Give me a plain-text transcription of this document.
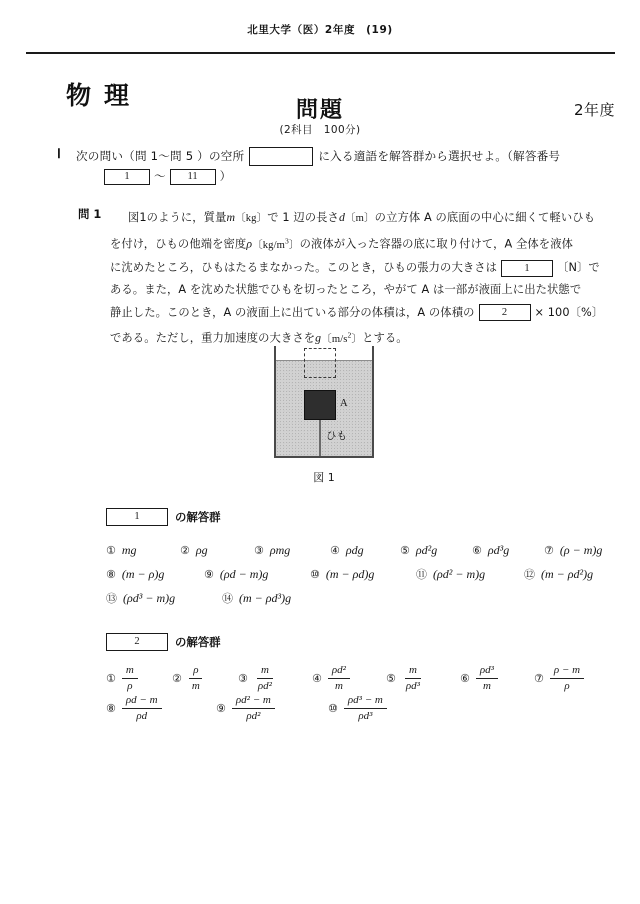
北里大学（医）2年度　(19)
物理
問題
(2科目　100分)
2年度
Ⅰ 次の問い（問 1～問 5 ）の空所	に入る適語を解答群から選択せよ。（解答番号
1 ～ 11 ）
問 1	図1のように，質量m〔kg〕で 1 辺の長さd〔m〕の立方体 A の底面の中心に細くて軽いひも

を付け，ひもの他端を密度ρ〔$kg/m^3$〕の液体が入った容器の底に取り付けて，A 全体を液体

に沈めたところ，ひもはたるまなかった。このとき，ひもの張力の大きさは	1 〔N〕で

ある。また，A を沈めた状態でひもを切ったところ，やがて A は一部が液面上に出た状態で

静止した。このとき，A の液面上に出ている部分の体積は，A の体積の	2 × 100〔%〕

である。ただし，重力加速度の大きさをg〔$m/s^2$〕とする。

A
ひも
図 1
1	の解答群
① mg	② ρg	③ ρmg	④ ρdg	⑤ ρd²g	⑥ ρd³g	⑦ (ρ − m)g
⑧ (m − ρ)g	⑨ (ρd − m)g	⑩ (m − ρd)g	⑪ (ρd² − m)g	⑫ (m − ρd²)g
⑬ (ρd³ − m)g	⑭ (m − ρd³)g
2	の解答群
① $\frac{m}{\rho}$	② $\frac{\rho}{m}$	③ $\frac{m}{\text{ρd²}}$	④ $\frac{\text{ρd²}}{m}$	⑤ $\frac{m}{\text{ρd³}}$	⑥ $\frac{\text{ρd³}}{m}$	⑦ $\frac{\rho - m}{\rho}$
⑧ $\frac{\rho d - m}{\rho d}$	⑨ $\frac{\text{ρd² − m}}{\text{ρd²}}$	⑩ $\frac{\text{ρd³ − m}}{\text{ρd³}}$
